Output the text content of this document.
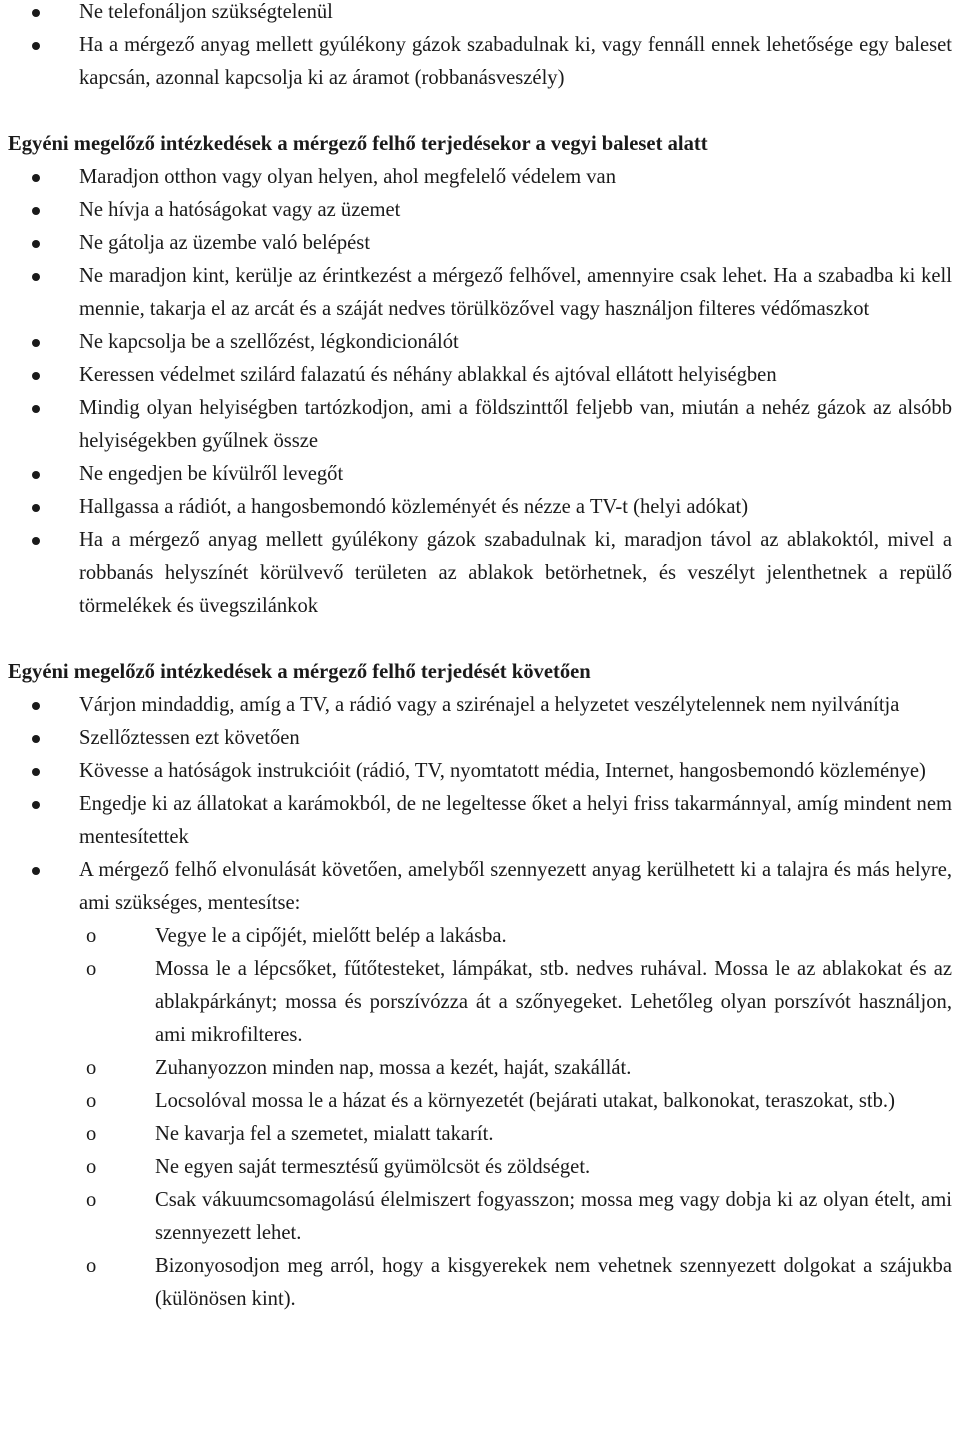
Ne telefonáljon szükségtelenül
Ha a mérgező anyag mellett gyúlékony gázok szabadulnak ki, vagy fennáll ennek lehetősége egy baleset kapcsán, azonnal kapcsolja ki az áramot (robbanásveszély)
Egyéni megelőző intézkedések a mérgező felhő terjedésekor a vegyi baleset alatt
Maradjon otthon vagy olyan helyen, ahol megfelelő védelem van
Ne hívja a hatóságokat vagy az üzemet
Ne gátolja az üzembe való belépést
Ne maradjon kint, kerülje az érintkezést a mérgező felhővel, amennyire csak lehet. Ha a szabadba ki kell mennie, takarja el az arcát és a száját nedves törülközővel vagy használjon filteres védőmaszkot
Ne kapcsolja be a szellőzést, légkondicionálót
Keressen védelmet szilárd falazatú és néhány ablakkal és ajtóval ellátott helyiségben
Mindig olyan helyiségben tartózkodjon, ami a földszinttől feljebb van, miután a nehéz gázok az alsóbb helyiségekben gyűlnek össze
Ne engedjen be kívülről levegőt
Hallgassa a rádiót, a hangosbemondó közleményét és nézze a TV-t (helyi adókat)
Ha a mérgező anyag mellett gyúlékony gázok szabadulnak ki, maradjon távol az ablakoktól, mivel a robbanás helyszínét körülvevő területen az ablakok betörhetnek, és veszélyt jelenthetnek a repülő törmelékek és üvegszilánkok
Egyéni megelőző intézkedések a mérgező felhő terjedését követően
Várjon mindaddig, amíg a TV, a rádió vagy a szirénajel a helyzetet veszélytelennek nem nyilvánítja
Szellőztessen ezt követően
Kövesse a hatóságok instrukcióit (rádió, TV, nyomtatott média, Internet, hangosbemondó közleménye)
Engedje ki az állatokat a karámokból, de ne legeltesse őket a helyi friss takarmánnyal, amíg mindent nem mentesítettek
A mérgező felhő elvonulását követően, amelyből szennyezett anyag kerülhetett ki a talajra és más helyre, ami szükséges, mentesítse:
o	Vegye le a cipőjét, mielőtt belép a lakásba.
o	Mossa le a lépcsőket, fűtőtesteket, lámpákat, stb. nedves ruhával. Mossa le az ablakokat és az ablakpárkányt; mossa és porszívózza át a szőnyegeket. Lehetőleg olyan porszívót használjon, ami mikrofilteres.
o	Zuhanyozzon minden nap, mossa a kezét, haját, szakállát.
o	Locsolóval mossa le a házat és a környezetét (bejárati utakat, balkonokat, teraszokat, stb.)
o	Ne kavarja fel a szemetet, mialatt takarít.
o	Ne egyen saját termesztésű gyümölcsöt és zöldséget.
o	Csak vákuumcsomagolású élelmiszert fogyasszon; mossa meg vagy dobja ki az olyan ételt, ami szennyezett lehet.
o	Bizonyosodjon meg arról, hogy a kisgyerekek nem vehetnek szennyezett dolgokat a szájukba (különösen kint).
